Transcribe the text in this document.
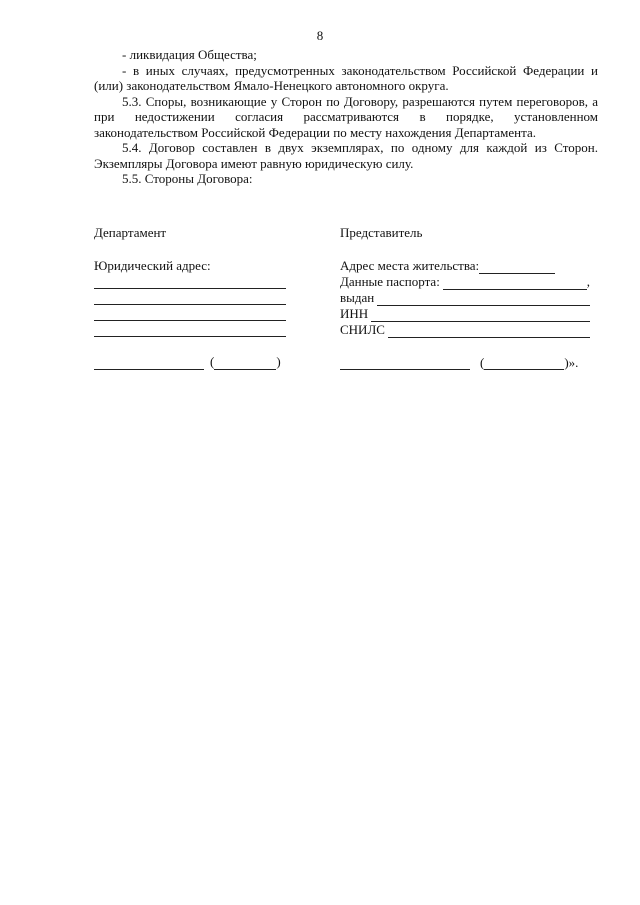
8

- ликвидация Общества;

- в иных случаях, предусмотренных законодательством Российской Федерации и (или) законодательством Ямало-Ненецкого автономного округа.

5.3. Споры, возникающие у Сторон по Договору, разрешаются путем переговоров, а при недостижении согласия рассматриваются в порядке, установленном законодательством Российской Федерации по месту нахождения Департамента.

5.4. Договор составлен в двух экземплярах, по одному для каждой из Сторон. Экземпляры Договора имеют равную юридическую силу.

5.5. Стороны Договора:

Департамент

Юридический адрес:
(	)

Представитель

Адрес места жительства:
Данные паспорта:	,
выдан
ИНН
СНИЛС
(	)».
